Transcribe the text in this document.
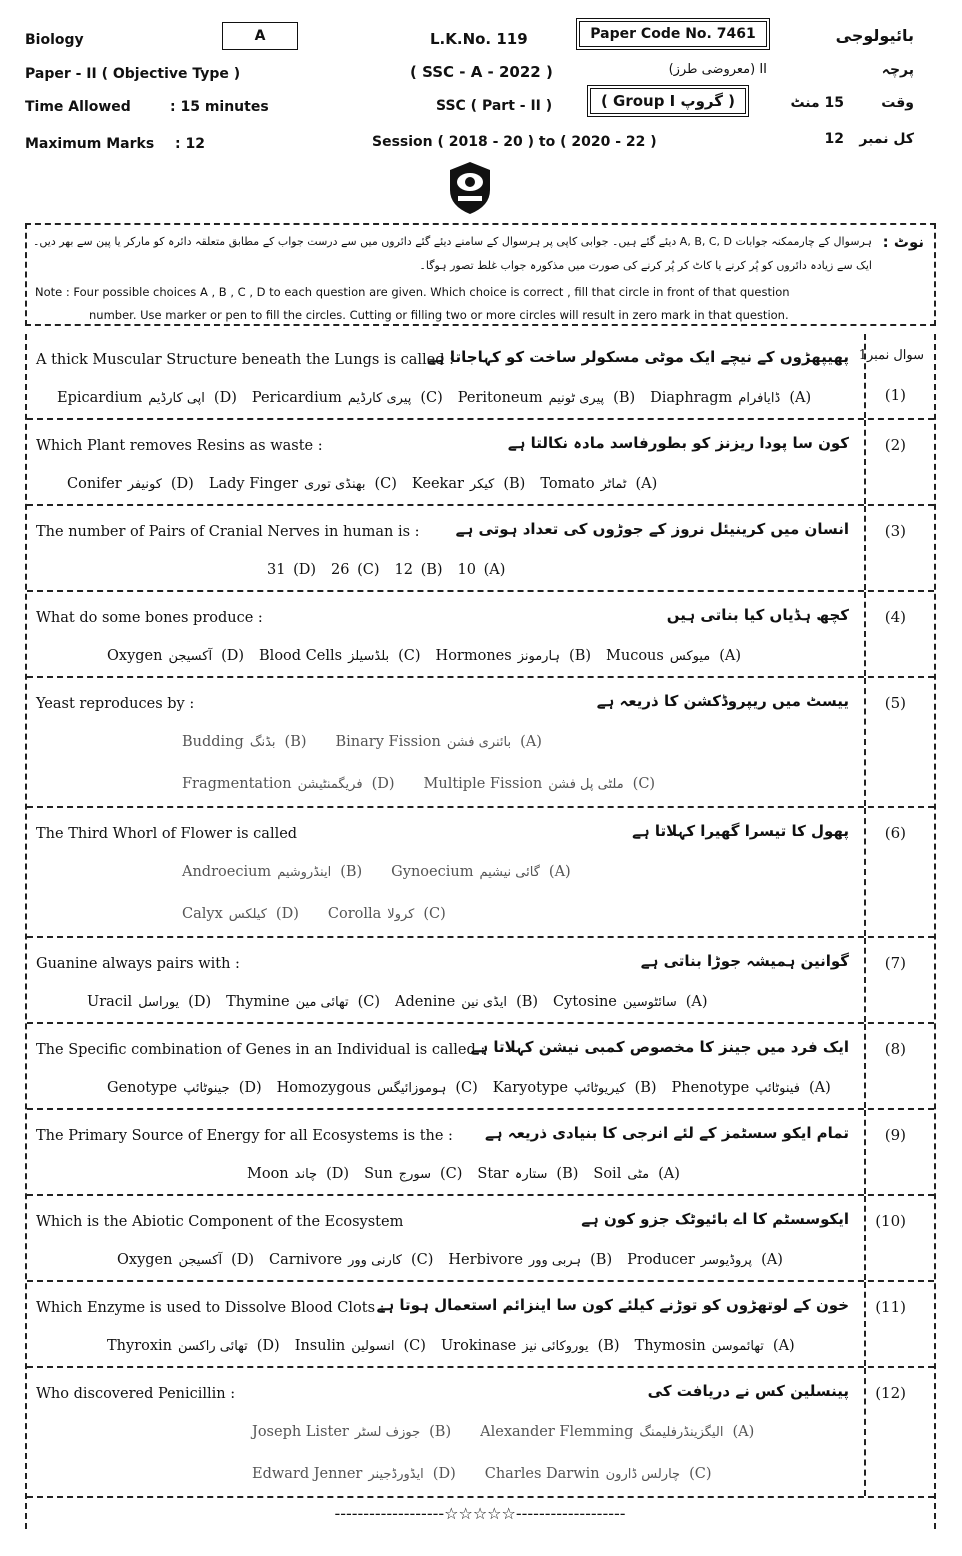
Biology	A	L.K.No. 119	Paper Code No. 7461	بائیولوجی
Paper - II ( Objective Type )	( SSC - A - 2022 )	II (معروضی طرز)	پرچہ
Time Allowed	: 15 minutes	SSC ( Part - II )	( Group I گروپ )	15 منٹ	وقت
Maximum Marks : 12	Session ( 2018 - 20 ) to ( 2020 - 22 )	12 کل نمبر
نوٹ :
ہرسوال کے چارممکنہ جوابات A, B, C, D دیئے گئے ہیں۔ جوابی کاپی پر ہرسوال کے سامنے دیئے گئے دائروں میں سے درست جواب کے مطابق متعلقہ دائرہ کو مارکر یا پین سے بھر دیں۔
ایک سے زیادہ دائروں کو پُر کرنے یا کاٹ کر پُر کرنے کی صورت میں مذکورہ جواب غلط تصور ہوگا۔
Note : Four possible choices A , B , C , D to each question are given. Which choice is correct , fill that circle in front of that question
number. Use marker or pen to fill the circles. Cutting or filling two or more circles will result in zero mark in that question.
(1)
سوال نمبر1
A thick Muscular Structure beneath the Lungs is called :
پھیپھڑوں کے نیچے ایک موٹی مسکولر ساخت کو کہاجاتا ہے
Epicardium اپی کارڈیم (D) Pericardium پیری کارڈیم (C) Peritoneum پیری ٹونیم (B) Diaphragm ڈایافرام (A)
(2)
Which Plant removes Resins as waste :	کون سا پودا ریزنز کو بطورفاسد مادہ نکالتا ہے
Conifer کونیفر (D) Lady Finger بھنڈی توری (C) Keekar کیکر (B) Tomato ٹماٹر (A)
(3)
The number of Pairs of Cranial Nerves in human is : انسان میں کرینیئل نروز کے جوڑوں کی تعداد ہوتی ہے
31 (D) 26 (C) 12 (B) 10 (A)
(4)
What do some bones produce :	کچھ ہڈیاں کیا بناتی ہیں
Oxygen آکسیجن (D) Blood Cells بلڈسیلز (C) Hormones ہارمونز (B) Mucous میوکس (A)
(5)
Yeast reproduces by :	ییسٹ میں ریپروڈکشن کا ذریعہ ہے
Budding بڈنگ (B) Binary Fission بائنری فشن (A)
Fragmentation فریگمنٹیشن (D) Multiple Fission ملٹی پل فشن (C)
(6)
The Third Whorl of Flower is called	پھول کا تیسرا گھیرا کہلاتا ہے
Androecium اینڈروشیم (B) Gynoecium گائی نیشیم (A)
Calyx کیلکس (D) Corolla کرولا (C)
(7)
Guanine always pairs with :	گوانین ہمیشہ جوڑا بناتی ہے
Uracil یوراسل (D) Thymine تھائی مین (C) Adenine ایڈی نین (B) Cytosine سائٹوسین (A)
(8)
The Specific combination of Genes in an Individual is called :
ایک فرد میں جینز کا مخصوص کمبی نیشن کہلاتا ہے
Genotype جینوٹائپ (D) Homozygous ہوموزائیگس (C) Karyotype کیریوٹائپ (B) Phenotype فینوٹائپ (A)
(9)
The Primary Source of Energy for all Ecosystems is the : تمام ایکو سسٹمز کے لئے انرجی کا بنیادی ذریعہ ہے
Moon چاند (D) Sun سورج (C) Star ستارہ (B) Soil مٹی (A)
(10)
Which is the Abiotic Component of the Ecosystem	ایکوسسٹم کا اے بائیوٹک جزو کون ہے
Oxygen آکسیجن (D) Carnivore کارنی وور (C) Herbivore ہربی وور (B) Producer پروڈیوسر (A)
(11)
Which Enzyme is used to Dissolve Blood Clots :
خون کے لوتھڑوں کو توڑنے کیلئے کون سا اینزائم استعمال ہوتا ہے
Thyroxin تھائی راکسن (D) Insulin انسولین (C) Urokinase یوروکائی نیز (B) Thymosin تھائموسن (A)
(12)
Who discovered Penicillin :	پینسلین کس نے دریافت کی
Joseph Lister جوزف لسٹر (B) Alexander Flemming الیگزینڈرفلیمنگ (A)
Edward Jenner ایڈورڈجینر (D) Charles Darwin چارلس ڈارون (C)
-------------------☆☆☆☆☆-------------------
